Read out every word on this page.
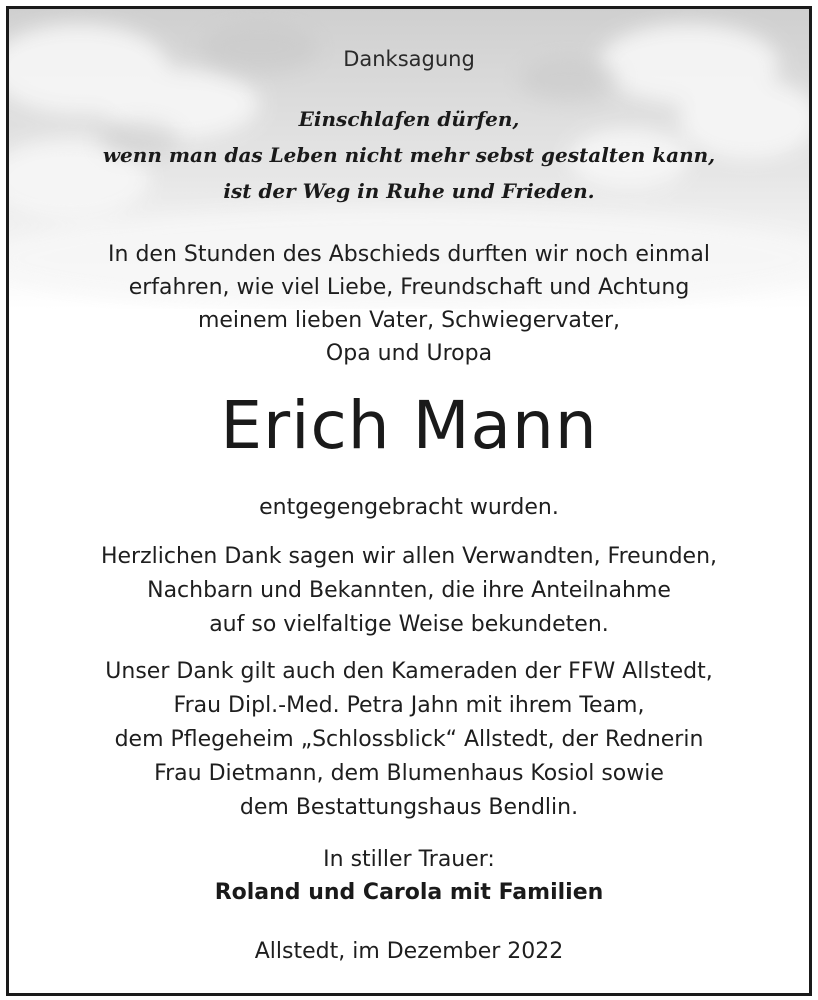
Danksagung
Einschlafen dürfen,
wenn man das Leben nicht mehr sebst gestalten kann,
ist der Weg in Ruhe und Frieden.
In den Stunden des Abschieds durften wir noch einmal
erfahren, wie viel Liebe, Freundschaft und Achtung
meinem lieben Vater, Schwiegervater,
Opa und Uropa
Erich Mann
entgegengebracht wurden.
Herzlichen Dank sagen wir allen Verwandten, Freunden,
Nachbarn und Bekannten, die ihre Anteilnahme
auf so vielfaltige Weise bekundeten.
Unser Dank gilt auch den Kameraden der FFW Allstedt,
Frau Dipl.-Med. Petra Jahn mit ihrem Team,
dem Pflegeheim „Schlossblick“ Allstedt, der Rednerin
Frau Dietmann, dem Blumenhaus Kosiol sowie
dem Bestattungshaus Bendlin.
In stiller Trauer:
Roland und Carola mit Familien
Allstedt, im Dezember 2022
